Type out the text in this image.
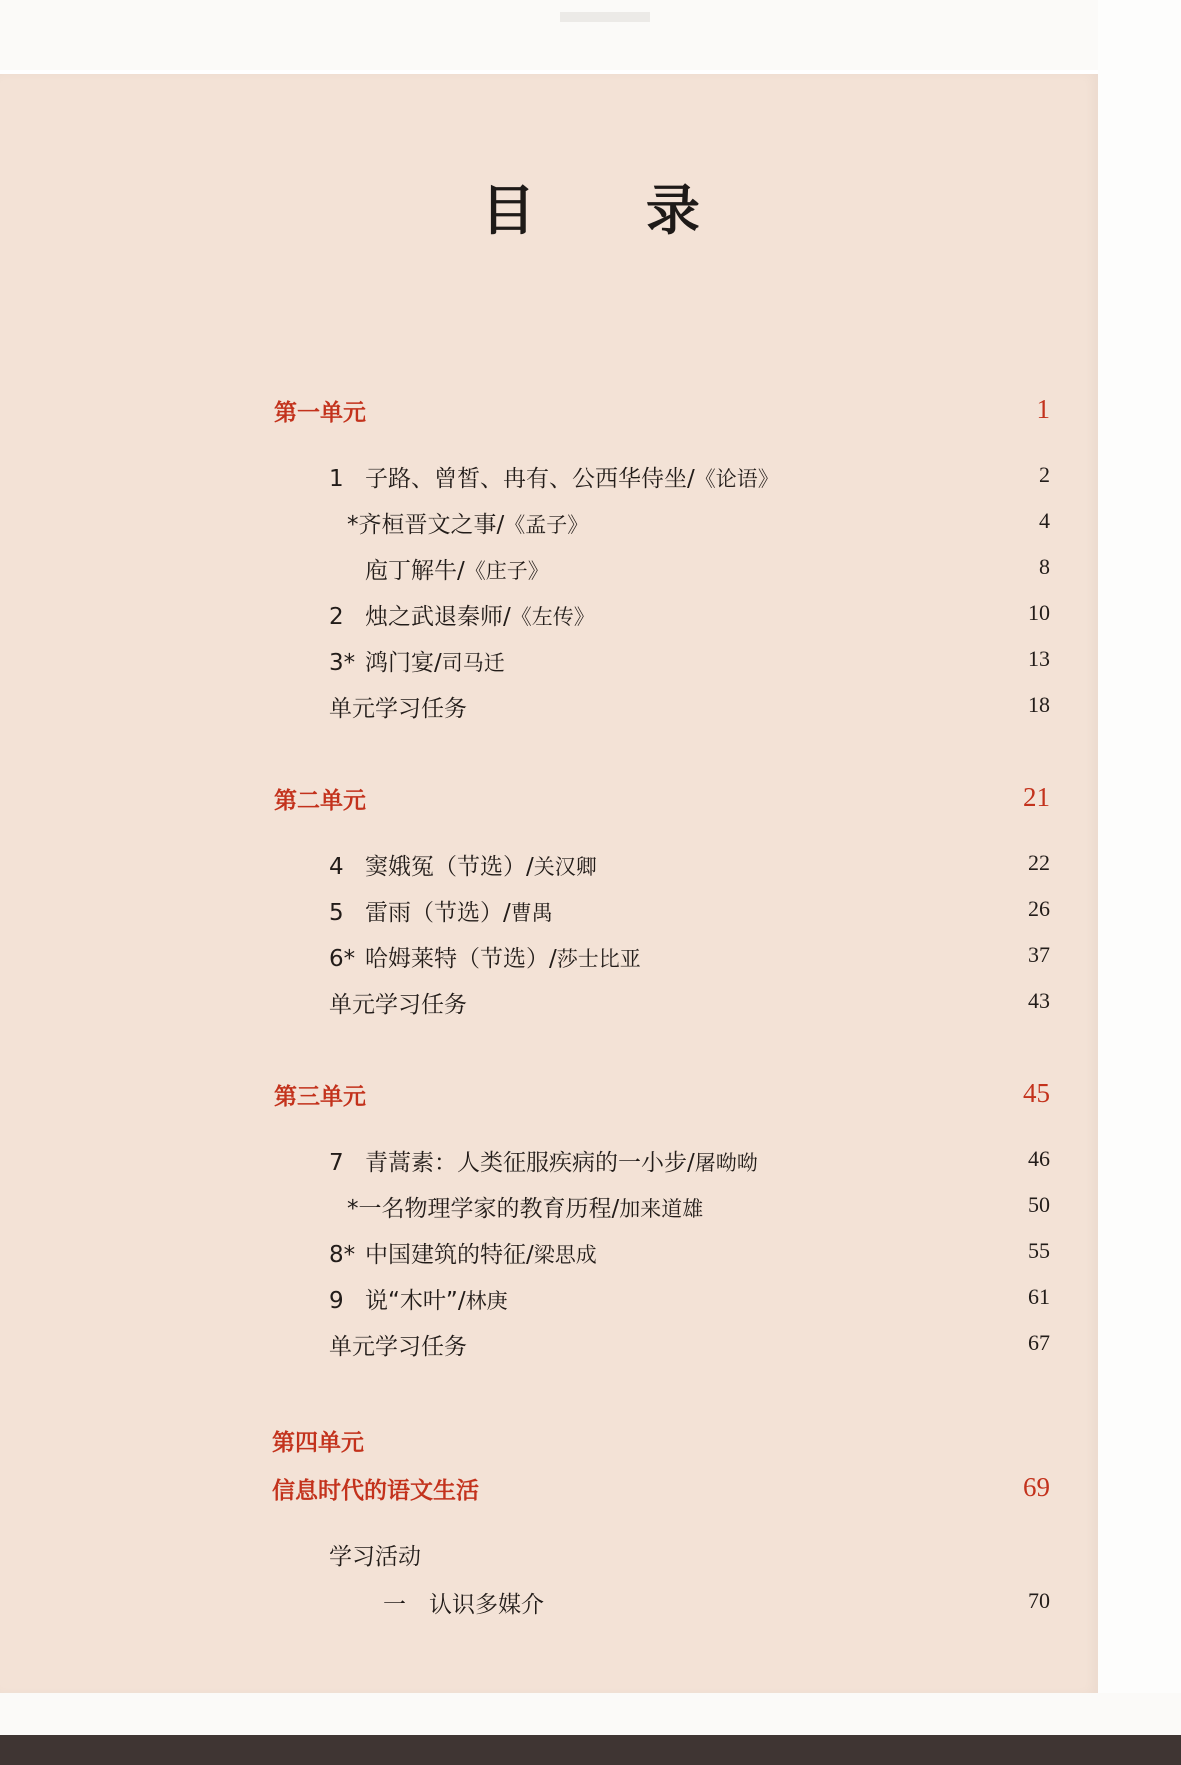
目 录
第一单元	1
1 子路、曾皙、冉有、公西华侍坐/《论语》	2
*齐桓晋文之事/《孟子》	4
庖丁解牛/《庄子》	8
2 烛之武退秦师/《左传》	10
3* 鸿门宴/司马迁	13
单元学习任务	18
第二单元	21
4 窦娥冤（节选）/关汉卿	22
5 雷雨（节选）/曹禺	26
6* 哈姆莱特（节选）/莎士比亚	37
单元学习任务	43
第三单元	45
7 青蒿素：人类征服疾病的一小步/屠呦呦	46
*一名物理学家的教育历程/加来道雄	50
8* 中国建筑的特征/梁思成	55
9 说“木叶”/林庚	61
单元学习任务	67
第四单元
信息时代的语文生活	69
学习活动
一 认识多媒介	70
